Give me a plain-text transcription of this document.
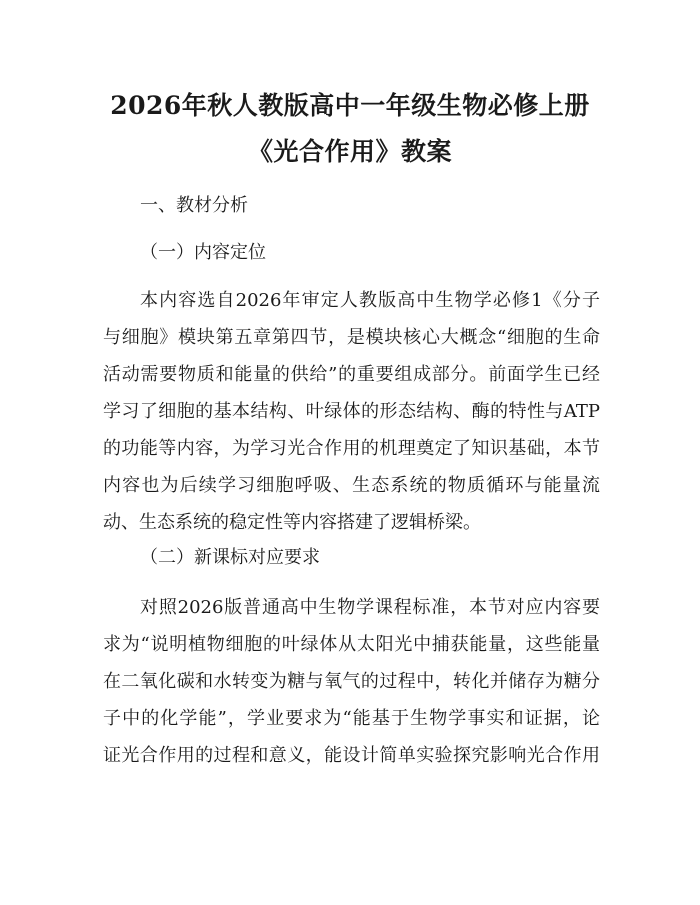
2026年秋人教版高中一年级生物必修上册
《光合作用》教案
一、教材分析
（一）内容定位
本内容选自2026年审定人教版高中生物学必修1《分子
与细胞》模块第五章第四节，是模块核心大概念“细胞的生命
活动需要物质和能量的供给”的重要组成部分。前面学生已经
学习了细胞的基本结构、叶绿体的形态结构、酶的特性与ATP
的功能等内容，为学习光合作用的机理奠定了知识基础，本节
内容也为后续学习细胞呼吸、生态系统的物质循环与能量流
动、生态系统的稳定性等内容搭建了逻辑桥梁。
（二）新课标对应要求
对照2026版普通高中生物学课程标准，本节对应内容要
求为“说明植物细胞的叶绿体从太阳光中捕获能量，这些能量
在二氧化碳和水转变为糖与氧气的过程中，转化并储存为糖分
子中的化学能”，学业要求为“能基于生物学事实和证据，论
证光合作用的过程和意义，能设计简单实验探究影响光合作用
